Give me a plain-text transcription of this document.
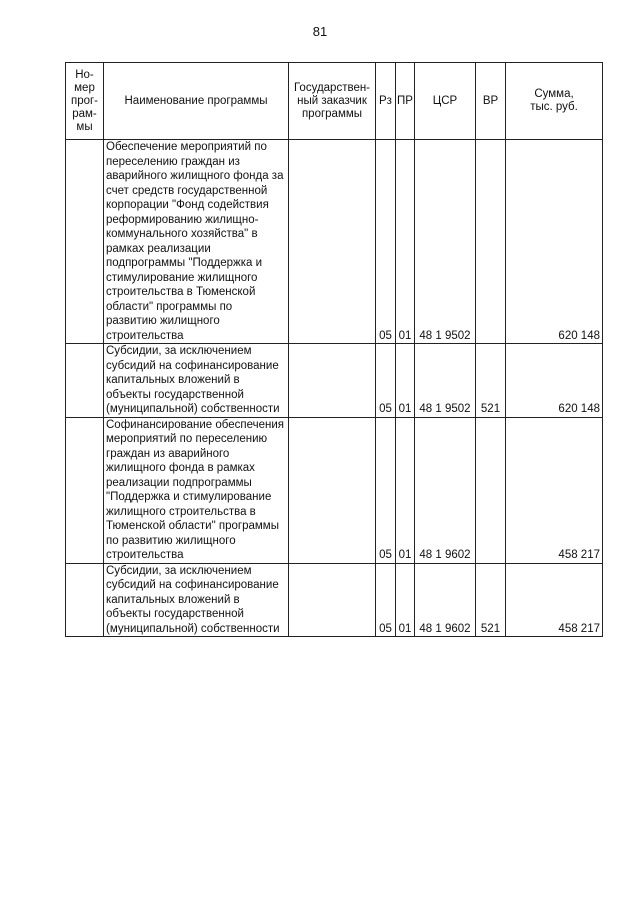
81
Но-
мер
прог-
рам-
мы	Наименование программы	Государствен-
ный заказчик
программы	Рз	ПР	ЦСР	ВР	Сумма,
тыс. руб.
	Обеспечение мероприятий по переселению граждан из аварийного жилищного фонда за счет средств государственной корпорации "Фонд содействия реформированию жилищно-коммунального хозяйства" в рамках реализации подпрограммы "Поддержка и стимулирование жилищного строительства в Тюменской области" программы по развитию жилищного строительства		05	01	48 1 9502		620 148
	Субсидии, за исключением субсидий на софинансирование капитальных вложений в объекты государственной (муниципальной) собственности		05	01	48 1 9502	521	620 148
	Софинансирование обеспечения мероприятий по переселению граждан из аварийного жилищного фонда в рамках реализации подпрограммы "Поддержка и стимулирование жилищного строительства в Тюменской области" программы по развитию жилищного строительства		05	01	48 1 9602		458 217
	Субсидии, за исключением субсидий на софинансирование капитальных вложений в объекты государственной (муниципальной) собственности		05	01	48 1 9602	521	458 217
